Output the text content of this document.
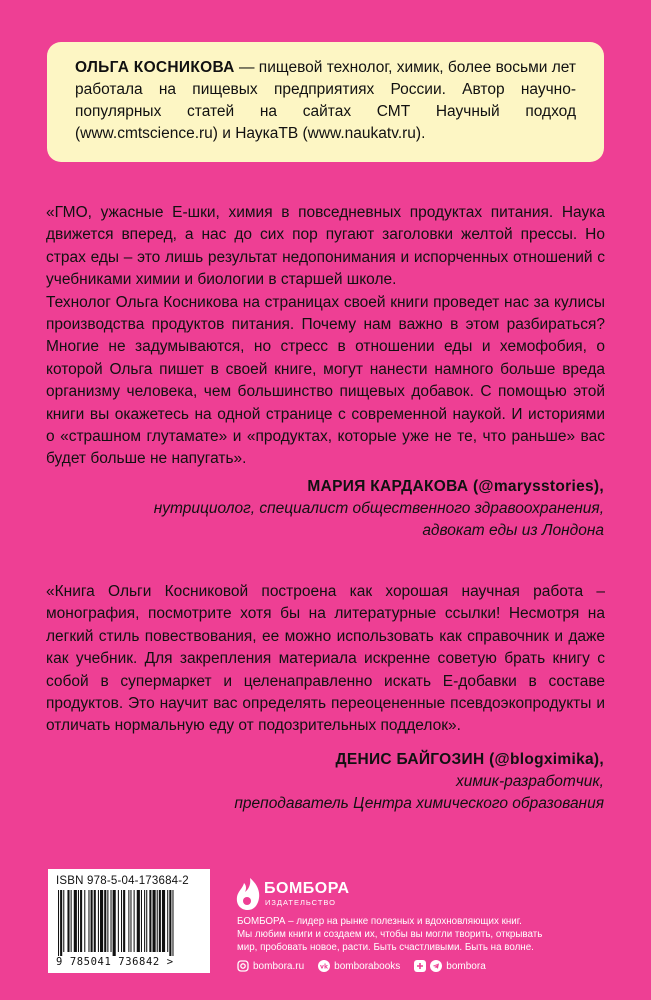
ОЛЬГА КОСНИКОВА — пищевой технолог, химик, более восьми лет работала на пищевых предприятиях России. Автор научно-популярных статей на сайтах СМТ Научный подход (www.cmtscience.ru) и НаукаТВ (www.naukatv.ru).

«ГМО, ужасные Е-шки, химия в повседневных продуктах питания. Наука движется вперед, а нас до сих пор пугают заголовки желтой прессы. Но страх еды – это лишь результат недопонимания и испорченных отношений с учебниками химии и биологии в старшей школе.

Технолог Ольга Косникова на страницах своей книги проведет нас за кулисы производства продуктов питания. Почему нам важно в этом разбираться? Многие не задумываются, но стресс в отношении еды и хемофобия, о которой Ольга пишет в своей книге, могут нанести намного больше вреда организму человека, чем большинство пищевых добавок. С помощью этой книги вы окажетесь на одной странице с современной наукой. И историями о «страшном глутамате» и «продуктах, которые уже не те, что раньше» вас будет больше не напугать».

МАРИЯ КАРДАКОВА (@marysstories),
нутрициолог, специалист общественного здравоохранения,
адвокат еды из Лондона

«Книга Ольги Косниковой построена как хорошая научная работа – монография, посмотрите хотя бы на литературные ссылки! Несмотря на легкий стиль повествования, ее можно использовать как справочник и даже как учебник. Для закрепления материала искренне советую брать книгу с собой в супермаркет и целенаправленно искать Е-добавки в составе продуктов. Это научит вас определять переоцененные псевдоэкопродукты и отличать нормальную еду от подозрительных подделок».

ДЕНИС БАЙГОЗИН (@blogximika),
химик-разработчик,
преподаватель Центра химического образования
ISBN 978-5-04-173684-2
9 785041 736842 >
БОМБОРА
ИЗДАТЕЛЬСТВО
БОМБОРА – лидер на рынке полезных и вдохновляющих книг.
Мы любим книги и создаем их, чтобы вы могли творить, открывать
мир, пробовать новое, расти. Быть счастливыми. Быть на волне.
bombora.ru	vk bomborabooks	bombora
